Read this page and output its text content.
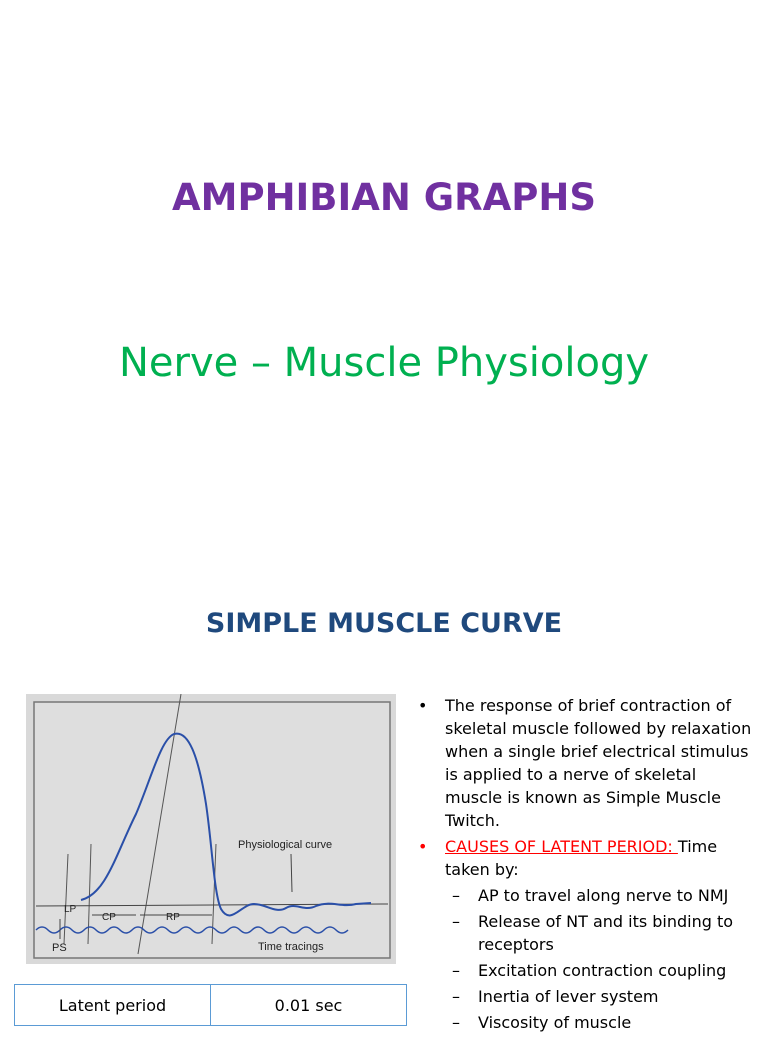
AMPHIBIAN GRAPHS
Nerve – Muscle Physiology
SIMPLE MUSCLE CURVE
Physiological curve
LP
CP	RP
PS	Time tracings
• The response of brief contraction of skeletal muscle followed by relaxation when a single brief electrical stimulus is applied to a nerve of skeletal muscle is known as Simple Muscle Twitch.
• CAUSES OF LATENT PERIOD: Time taken by:
– AP to travel along nerve to NMJ
– Release of NT and its binding to receptors
– Excitation contraction coupling
– Inertia of lever system
– Viscosity of muscle
Latent period	0.01 sec
